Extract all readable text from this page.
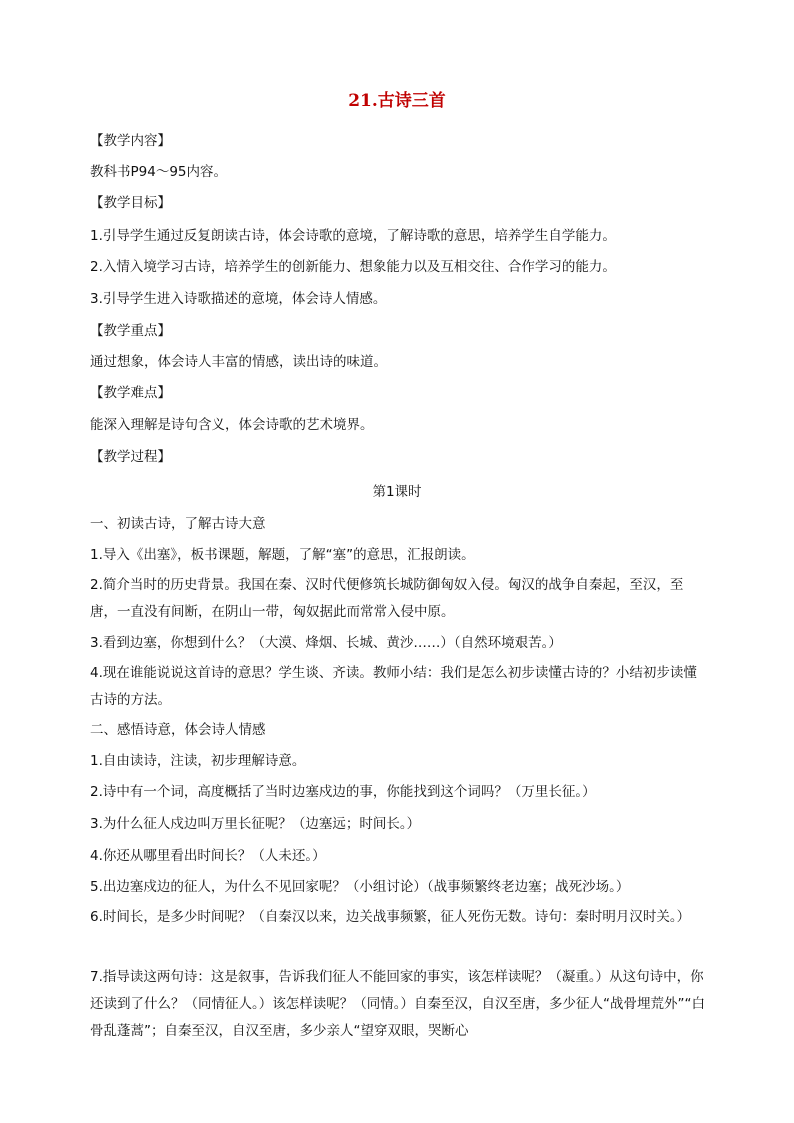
21.古诗三首
【教学内容】
教科书P94～95内容。
【教学目标】
1.引导学生通过反复朗读古诗，体会诗歌的意境，了解诗歌的意思，培养学生自学能力。
2.入情入境学习古诗，培养学生的创新能力、想象能力以及互相交往、合作学习的能力。
3.引导学生进入诗歌描述的意境，体会诗人情感。
【教学重点】
通过想象，体会诗人丰富的情感，读出诗的味道。
【教学难点】
能深入理解是诗句含义，体会诗歌的艺术境界。
【教学过程】
第1课时
一、初读古诗，了解古诗大意
1.导入《出塞》，板书课题，解题，了解“塞”的意思，汇报朗读。
2.简介当时的历史背景。我国在秦、汉时代便修筑长城防御匈奴入侵。匈汉的战争自秦起，至汉，至唐，一直没有间断，在阴山一带，匈奴据此而常常入侵中原。
3.看到边塞，你想到什么？（大漠、烽烟、长城、黄沙……）（自然环境艰苦。）
4.现在谁能说说这首诗的意思？学生谈、齐读。教师小结：我们是怎么初步读懂古诗的？小结初步读懂古诗的方法。
二、感悟诗意，体会诗人情感
1.自由读诗，注读，初步理解诗意。
2.诗中有一个词，高度概括了当时边塞戍边的事，你能找到这个词吗？（万里长征。）
3.为什么征人戍边叫万里长征呢？（边塞远；时间长。）
4.你还从哪里看出时间长？（人未还。）
5.出边塞戍边的征人，为什么不见回家呢？（小组讨论）（战事频繁终老边塞；战死沙场。）
6.时间长，是多少时间呢？（自秦汉以来，边关战事频繁，征人死伤无数。诗句：秦时明月汉时关。）
7.指导读这两句诗：这是叙事，告诉我们征人不能回家的事实，该怎样读呢？（凝重。）从这句诗中，你还读到了什么？（同情征人。）该怎样读呢？（同情。）自秦至汉，自汉至唐，多少征人“战骨埋荒外”“白骨乱蓬蒿”；自秦至汉，自汉至唐，多少亲人“望穿双眼，哭断心
